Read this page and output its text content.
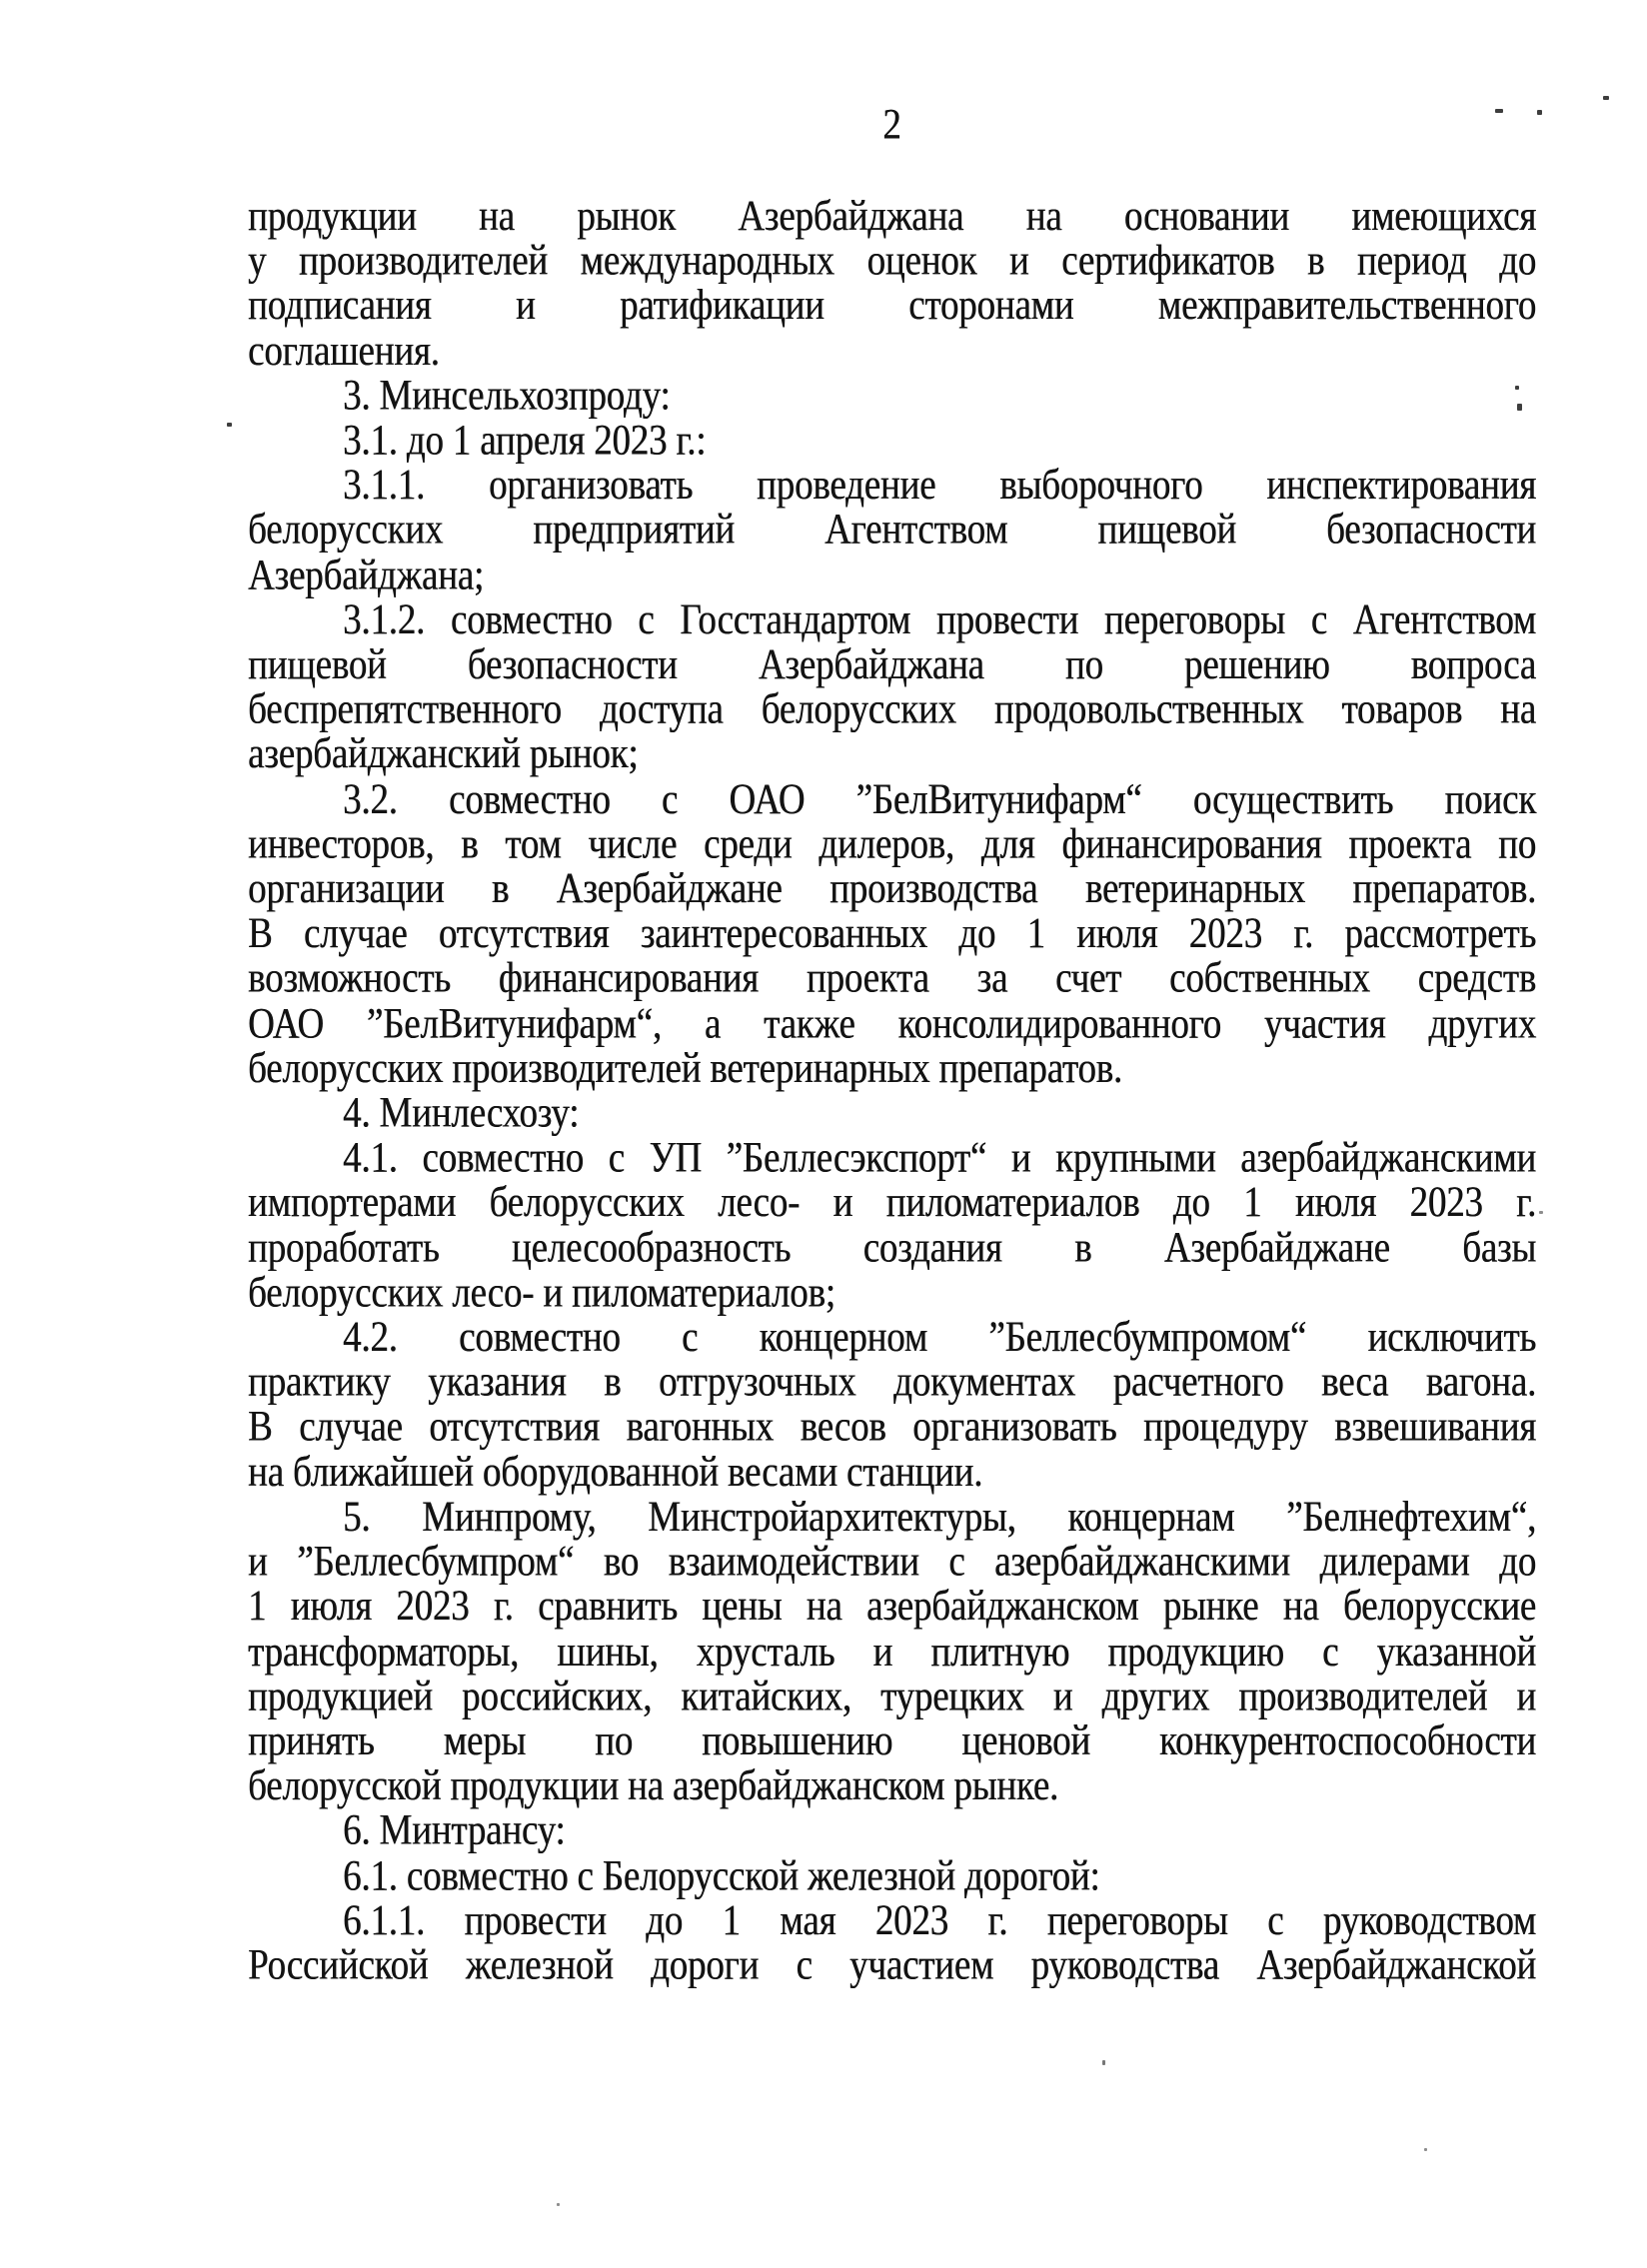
2
продукции на рынок Азербайджана на основании имеющихся
у производителей международных оценок и сертификатов в период до
подписания и ратификации сторонами межправительственного
соглашения.
3. Минсельхозпроду:
3.1. до 1 апреля 2023 г.:
3.1.1. организовать проведение выборочного инспектирования
белорусских предприятий Агентством пищевой безопасности
Азербайджана;
3.1.2. совместно с Госстандартом провести переговоры с Агентством
пищевой безопасности Азербайджана по решению вопроса
беспрепятственного доступа белорусских продовольственных товаров на
азербайджанский рынок;
3.2. совместно с ОАО ”БелВитунифарм“ осуществить поиск
инвесторов, в том числе среди дилеров, для финансирования проекта по
организации в Азербайджане производства ветеринарных препаратов.
В случае отсутствия заинтересованных до 1 июля 2023 г. рассмотреть
возможность финансирования проекта за счет собственных средств
ОАО ”БелВитунифарм“, а также консолидированного участия других
белорусских производителей ветеринарных препаратов.
4. Минлесхозу:
4.1. совместно с УП ”Беллесэкспорт“ и крупными азербайджанскими
импортерами белорусских лесо- и пиломатериалов до 1 июля 2023 г.
проработать целесообразность создания в Азербайджане базы
белорусских лесо- и пиломатериалов;
4.2. совместно с концерном ”Беллесбумпромом“ исключить
практику указания в отгрузочных документах расчетного веса вагона.
В случае отсутствия вагонных весов организовать процедуру взвешивания
на ближайшей оборудованной весами станции.
5. Минпрому, Минстройархитектуры, концернам ”Белнефтехим“,
и ”Беллесбумпром“ во взаимодействии с азербайджанскими дилерами до
1 июля 2023 г. сравнить цены на азербайджанском рынке на белорусские
трансформаторы, шины, хрусталь и плитную продукцию с указанной
продукцией российских, китайских, турецких и других производителей и
принять меры по повышению ценовой конкурентоспособности
белорусской продукции на азербайджанском рынке.
6. Минтрансу:
6.1. совместно с Белорусской железной дорогой:
6.1.1. провести до 1 мая 2023 г. переговоры с руководством
Российской железной дороги с участием руководства Азербайджанской
